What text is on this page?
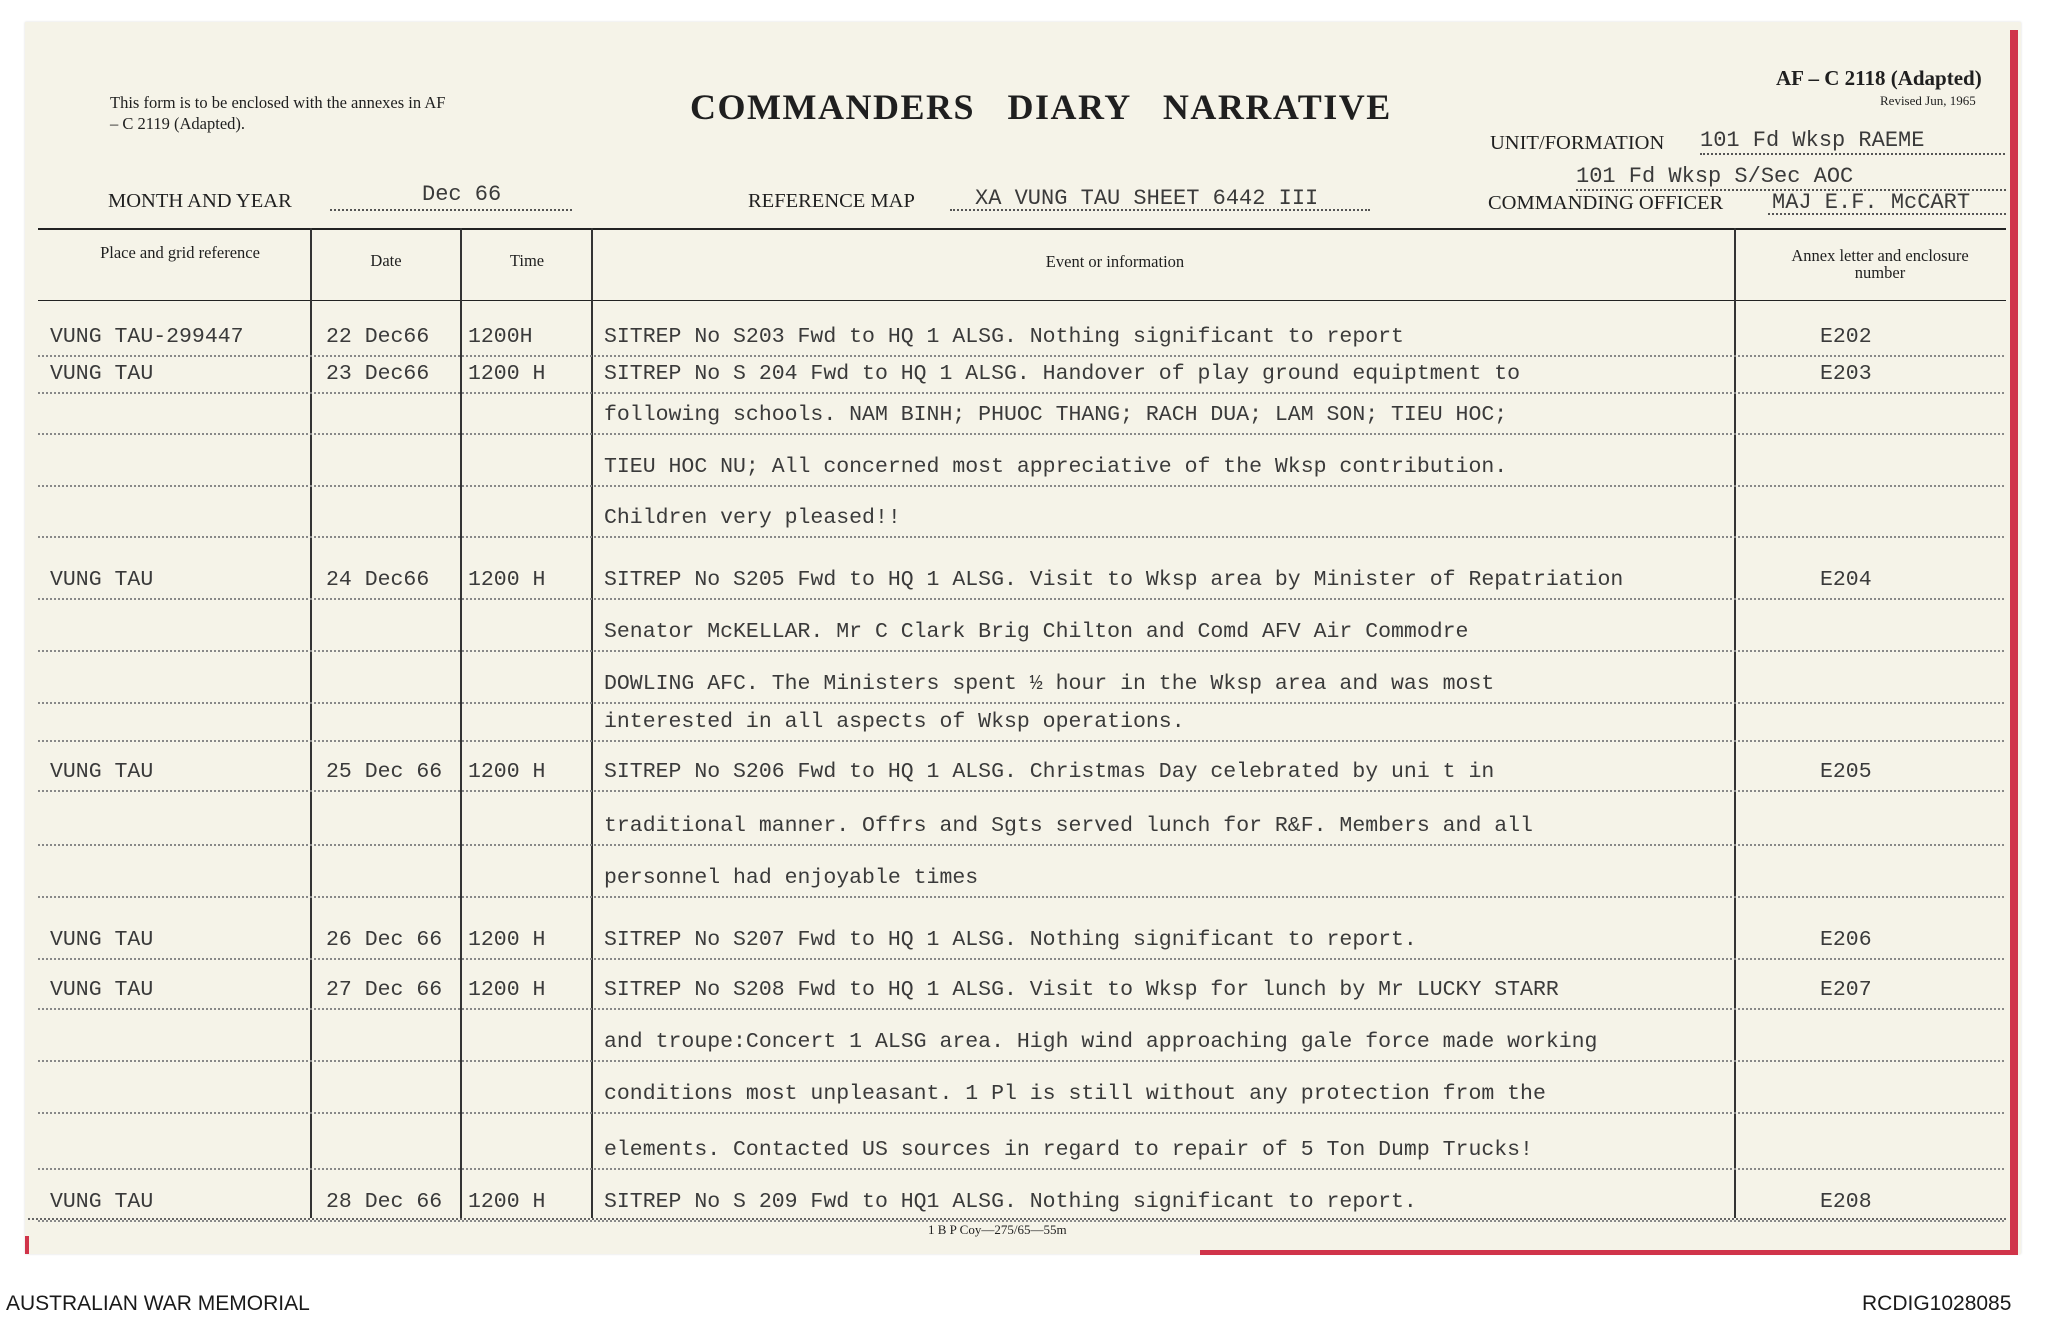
This form is to be enclosed with the annexes in AF – C 2119 (Adapted).	COMMANDERS DIARY NARRATIVE
AF – C 2118 (Adapted)
Revised Jun, 1965
MONTH AND YEAR	Dec 66	REFERENCE MAP	XA VUNG TAU SHEET 6442 III
UNIT/FORMATION 101 Fd Wksp RAEME
101 Fd Wksp S/Sec AOC
COMMANDING OFFICER MAJ E.F. McCART
Place and grid reference	Date	Time	Event or information	Annex letter and enclosure number
VUNG TAU-299447	22 Dec66 1200H	SITREP No S203 Fwd to HQ 1 ALSG. Nothing significant to report	E202
VUNG TAU	23 Dec66 1200 H	SITREP No S 204 Fwd to HQ 1 ALSG. Handover of play ground equiptment to	E203
following schools. NAM BINH; PHUOC THANG; RACH DUA; LAM SON; TIEU HOC;
TIEU HOC NU; All concerned most appreciative of the Wksp contribution.
Children very pleased!!
VUNG TAU	24 Dec66 1200 H	SITREP No S205 Fwd to HQ 1 ALSG. Visit to Wksp area by Minister of Repatriation	E204
Senator McKELLAR. Mr C Clark Brig Chilton and Comd AFV Air Commodre
DOWLING AFC. The Ministers spent ½ hour in the Wksp area and was most
interested in all aspects of Wksp operations.
VUNG TAU	25 Dec 66 1200 H	SITREP No S206 Fwd to HQ 1 ALSG. Christmas Day celebrated by uni t in	E205
traditional manner. Offrs and Sgts served lunch for R&F. Members and all
personnel had enjoyable times
VUNG TAU	26 Dec 66 1200 H	SITREP No S207 Fwd to HQ 1 ALSG. Nothing significant to report.	E206
VUNG TAU	27 Dec 66 1200 H	SITREP No S208 Fwd to HQ 1 ALSG. Visit to Wksp for lunch by Mr LUCKY STARR	E207
and troupe:Concert 1 ALSG area. High wind approaching gale force made working
conditions most unpleasant. 1 Pl is still without any protection from the
elements. Contacted US sources in regard to repair of 5 Ton Dump Trucks!
VUNG TAU	28 Dec 66 1200 H	SITREP No S 209 Fwd to HQ1 ALSG. Nothing significant to report.	E208
1 B P Coy—275/65—55m
AUSTRALIAN WAR MEMORIAL	RCDIG1028085
